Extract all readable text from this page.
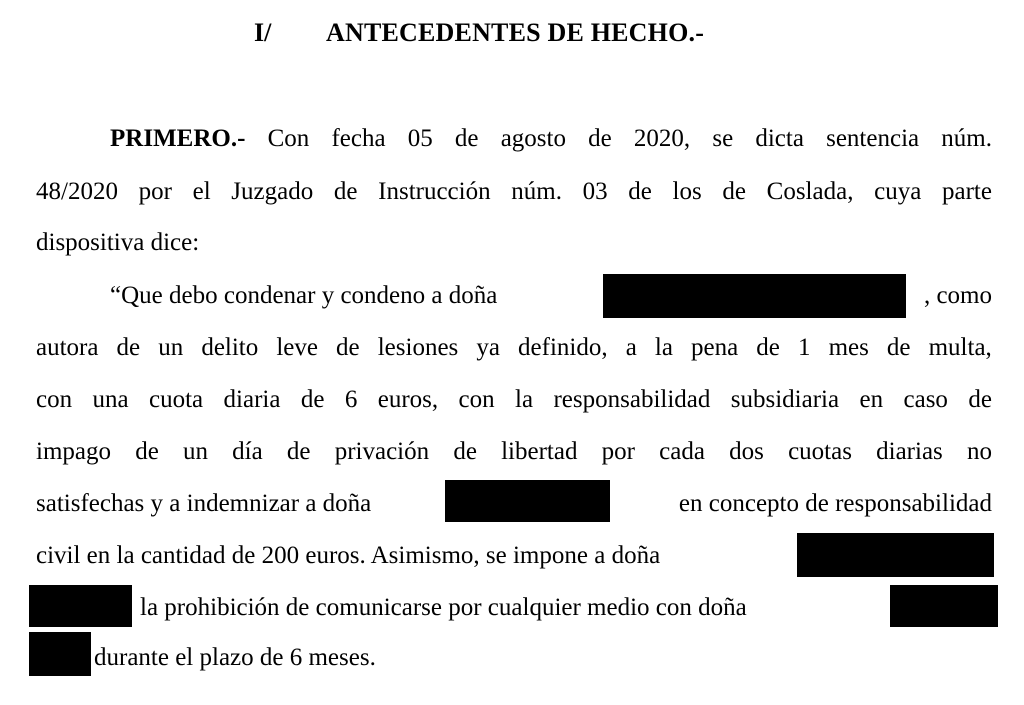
I/ ANTECEDENTES DE HECHO.-
PRIMERO.- Con fecha 05 de agosto de 2020, se dicta sentencia núm.
48/2020 por el Juzgado de Instrucción núm. 03 de los de Coslada, cuya parte
dispositiva dice:
“Que debo condenar y condeno a doña	, como
autora de un delito leve de lesiones ya definido, a la pena de 1 mes de multa,
con una cuota diaria de 6 euros, con la responsabilidad subsidiaria en caso de
impago de un día de privación de libertad por cada dos cuotas diarias no
satisfechas y a indemnizar a doña	en concepto de responsabilidad
civil en la cantidad de 200 euros. Asimismo, se impone a doña
la prohibición de comunicarse por cualquier medio con doña
durante el plazo de 6 meses.
